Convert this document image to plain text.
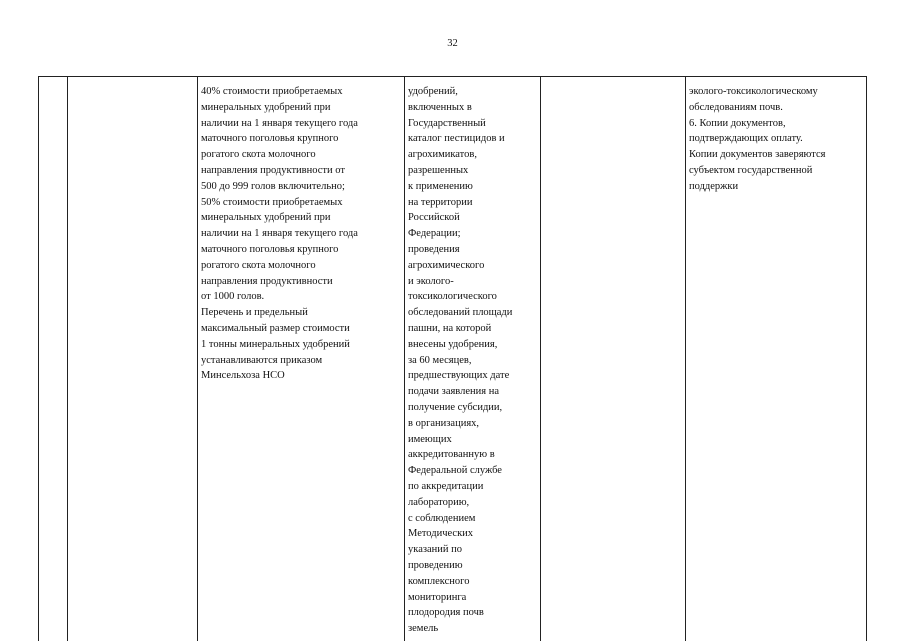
32
40% стоимости приобретаемых
минеральных удобрений при
наличии на 1 января текущего года
маточного поголовья крупного
рогатого скота молочного
направления продуктивности от
500 до 999 голов включительно;
50% стоимости приобретаемых
минеральных удобрений при
наличии на 1 января текущего года
маточного поголовья крупного
рогатого скота молочного
направления продуктивности
от 1000 голов.
Перечень и предельный
максимальный размер стоимости
1 тонны минеральных удобрений
устанавливаются приказом
Минсельхоза НСО
удобрений,
включенных в
Государственный
каталог пестицидов и
агрохимикатов,
разрешенных
к применению
на территории
Российской
Федерации;
проведения
агрохимического
и эколого-
токсикологического
обследований площади
пашни, на которой
внесены удобрения,
за 60 месяцев,
предшествующих дате
подачи заявления на
получение субсидии,
в организациях,
имеющих
аккредитованную в
Федеральной службе
по аккредитации
лабораторию,
с соблюдением
Методических
указаний по
проведению
комплексного
мониторинга
плодородия почв
земель
эколого-токсикологическому
обследованиям почв.
6. Копии документов,
подтверждающих оплату.
Копии документов заверяются
субъектом государственной
поддержки
